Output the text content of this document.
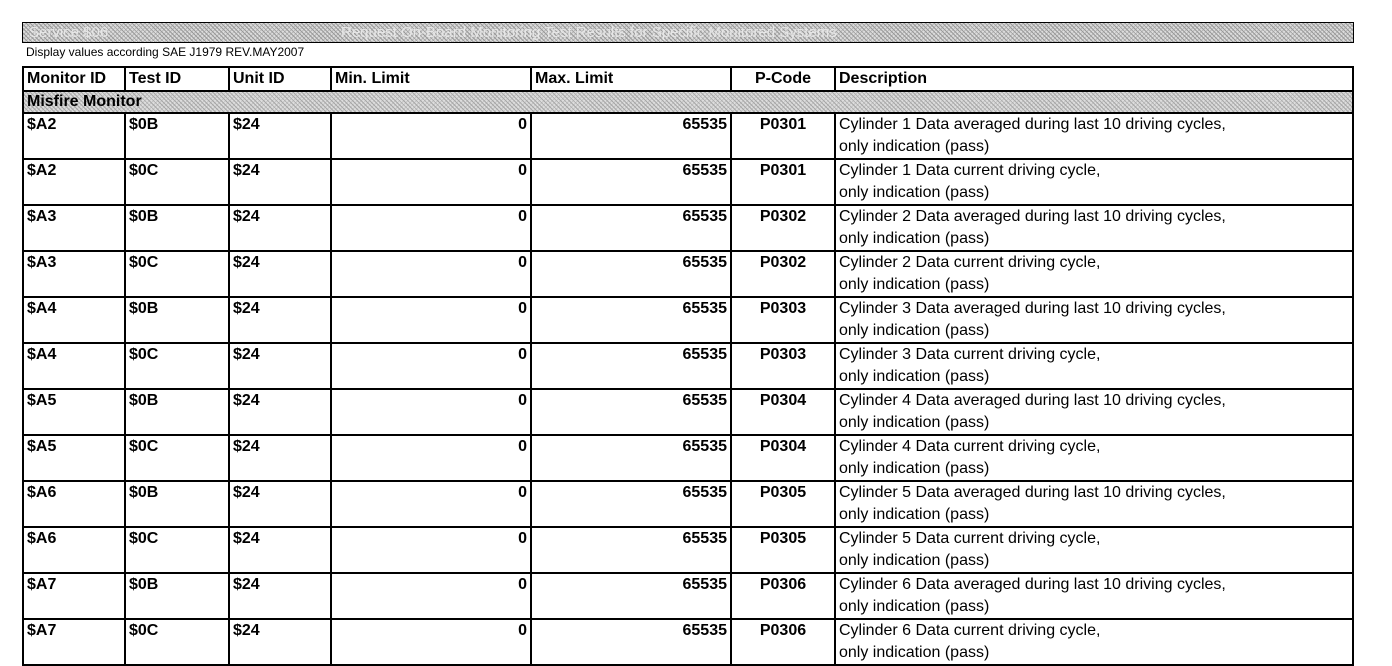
Service $06	Request On-Board Monitoring Test Results for Specific Monitored Systems
Display values according SAE J1979 REV.MAY2007
Monitor ID	Test ID	Unit ID	Min. Limit	Max. Limit	P-Code	Description
Misfire Monitor						
$A2	$0B	$24	0	65535	P0301	Cylinder 1 Data averaged during last 10 driving cycles,
only indication (pass)

$A2	$0C	$24	0	65535	P0301	Cylinder 1 Data current driving cycle,
only indication (pass)

$A3	$0B	$24	0	65535	P0302	Cylinder 2 Data averaged during last 10 driving cycles,
only indication (pass)

$A3	$0C	$24	0	65535	P0302	Cylinder 2 Data current driving cycle,
only indication (pass)

$A4	$0B	$24	0	65535	P0303	Cylinder 3 Data averaged during last 10 driving cycles,
only indication (pass)

$A4	$0C	$24	0	65535	P0303	Cylinder 3 Data current driving cycle,
only indication (pass)

$A5	$0B	$24	0	65535	P0304	Cylinder 4 Data averaged during last 10 driving cycles,
only indication (pass)

$A5	$0C	$24	0	65535	P0304	Cylinder 4 Data current driving cycle,
only indication (pass)

$A6	$0B	$24	0	65535	P0305	Cylinder 5 Data averaged during last 10 driving cycles,
only indication (pass)

$A6	$0C	$24	0	65535	P0305	Cylinder 5 Data current driving cycle,
only indication (pass)

$A7	$0B	$24	0	65535	P0306	Cylinder 6 Data averaged during last 10 driving cycles,
only indication (pass)

$A7	$0C	$24	0	65535	P0306	Cylinder 6 Data current driving cycle,
only indication (pass)
